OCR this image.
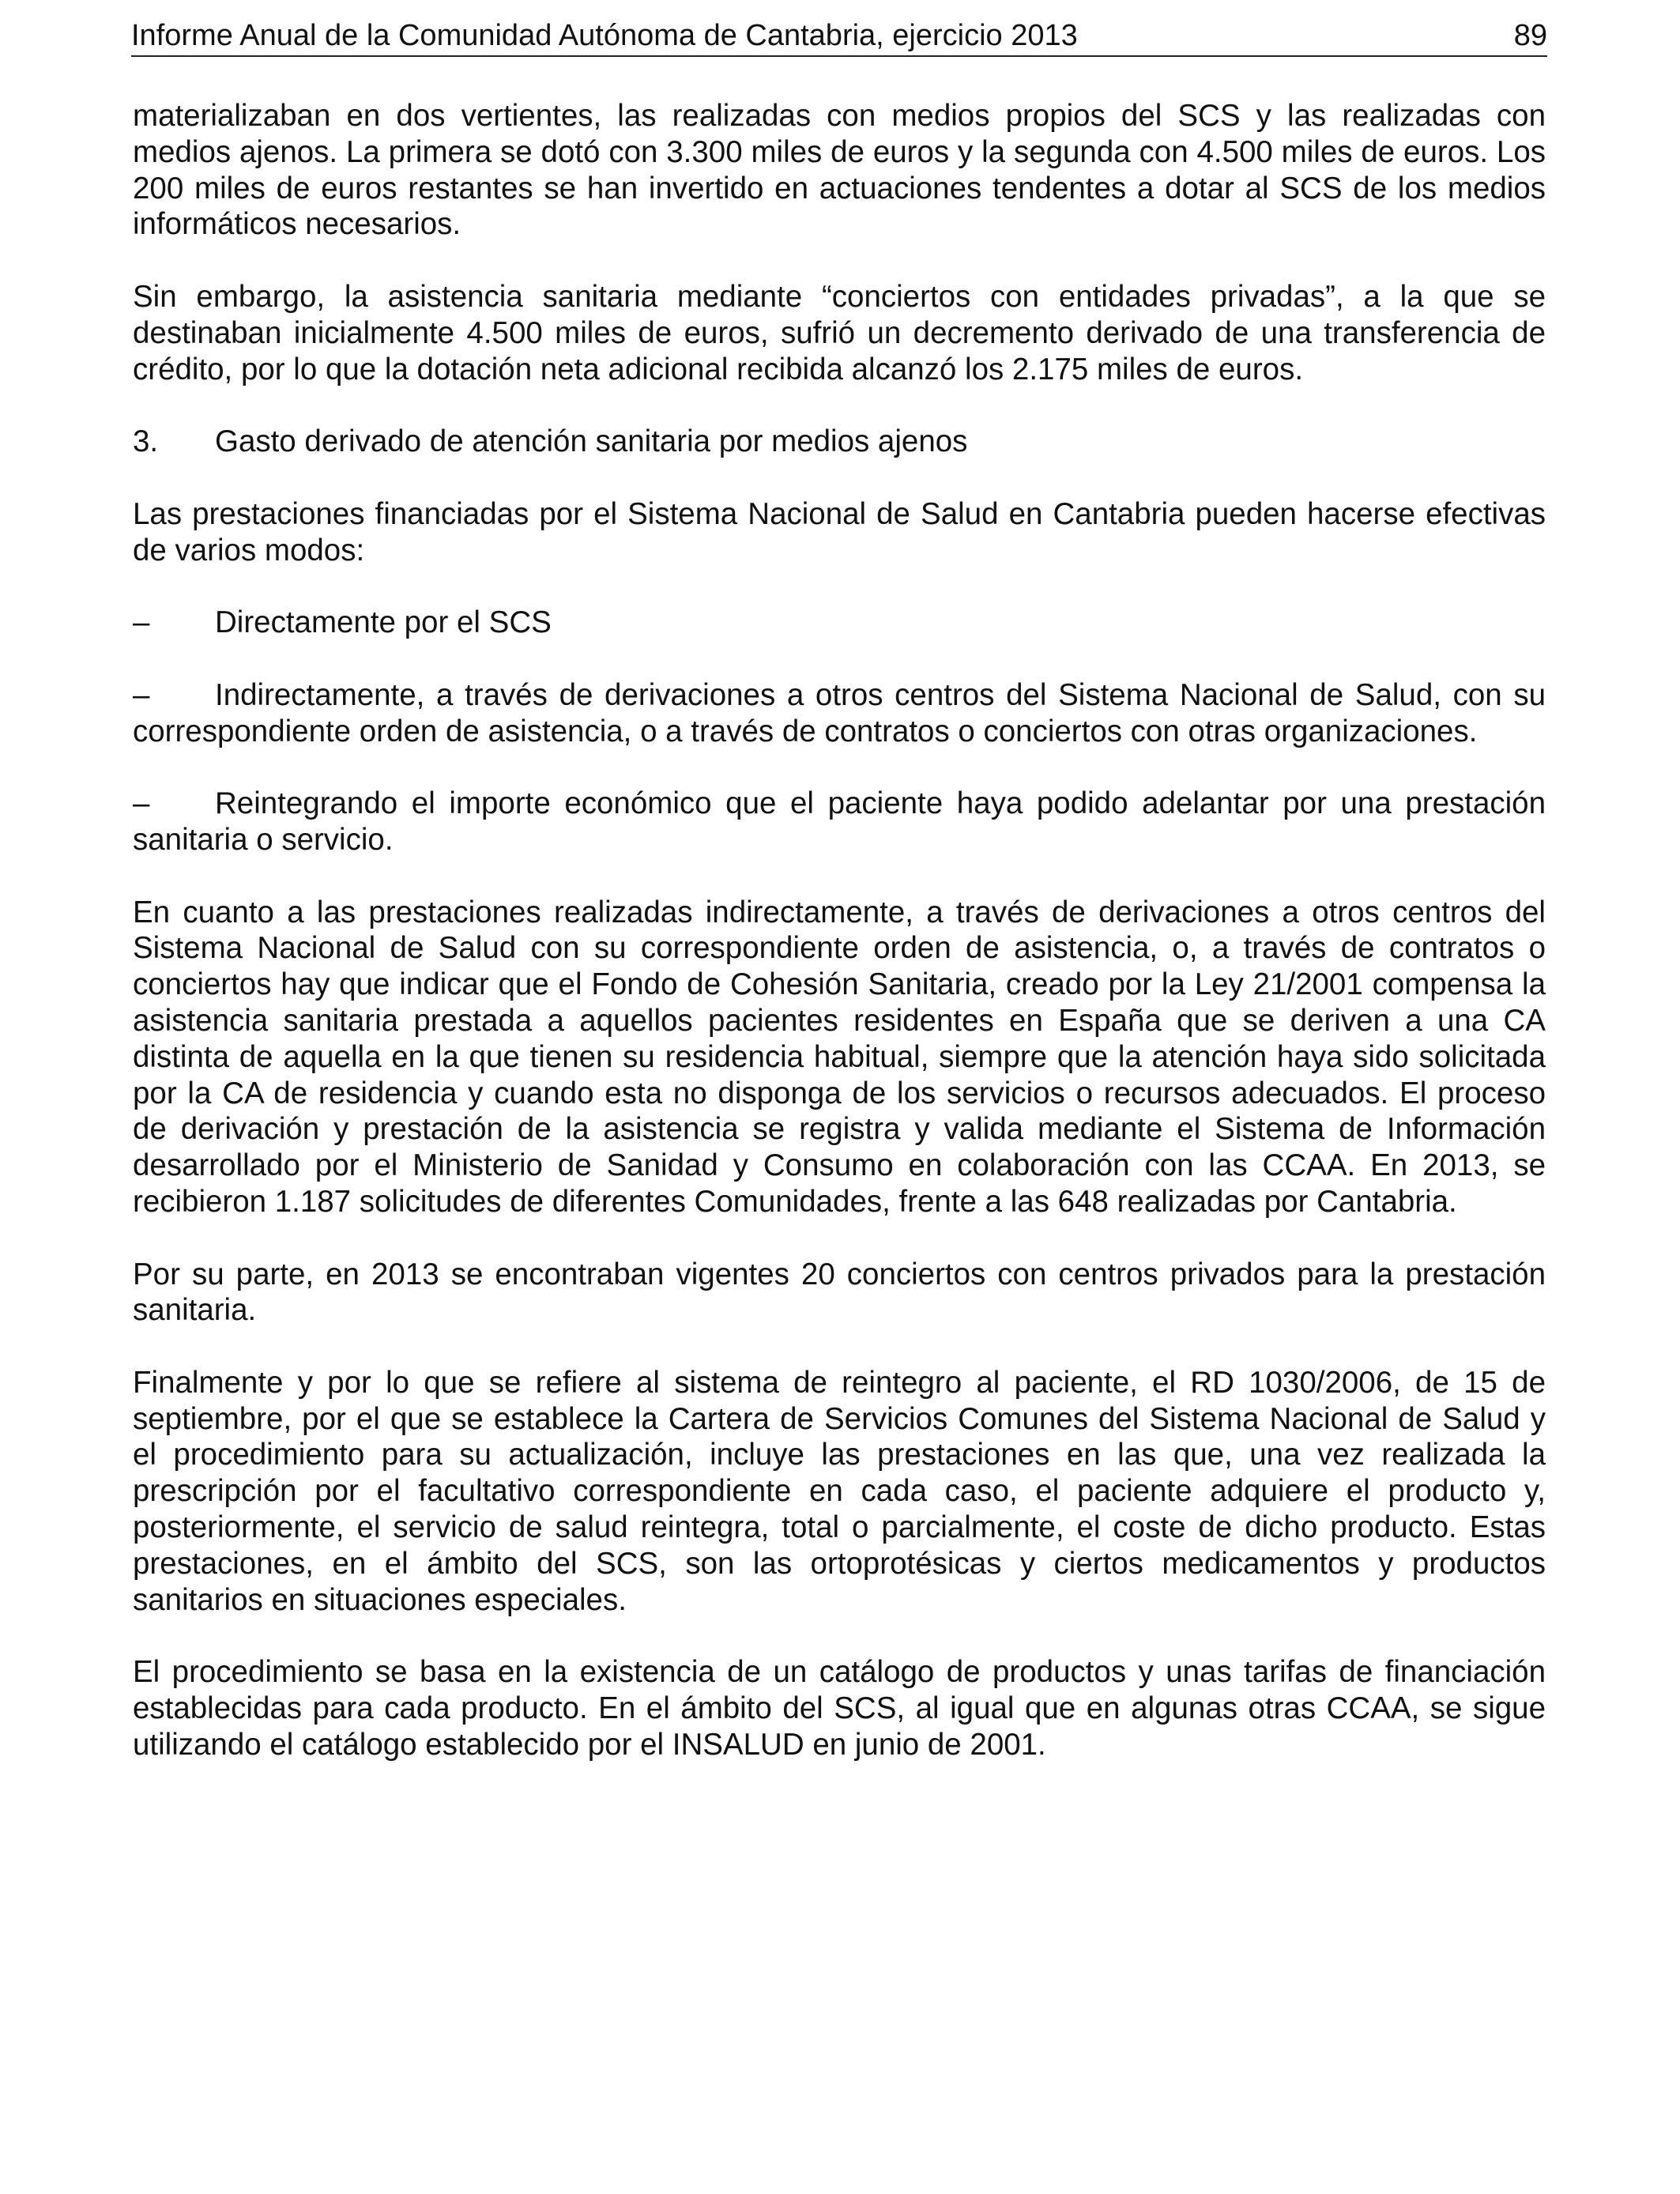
Informe Anual de la Comunidad Autónoma de Cantabria, ejercicio 2013	89

materializaban en dos vertientes, las realizadas con medios propios del SCS y las realizadas con medios ajenos. La primera se dotó con 3.300 miles de euros y la segunda con 4.500 miles de euros. Los 200 miles de euros restantes se han invertido en actuaciones tendentes a dotar al SCS de los medios informáticos necesarios.

Sin embargo, la asistencia sanitaria mediante “conciertos con entidades privadas”, a la que se destinaban inicialmente 4.500 miles de euros, sufrió un decremento derivado de una transferencia de crédito, por lo que la dotación neta adicional recibida alcanzó los 2.175 miles de euros.

3.	Gasto derivado de atención sanitaria por medios ajenos

Las prestaciones financiadas por el Sistema Nacional de Salud en Cantabria pueden hacerse efectivas de varios modos:

–	Directamente por el SCS

– Indirectamente, a través de derivaciones a otros centros del Sistema Nacional de Salud, con su correspondiente orden de asistencia, o a través de contratos o conciertos con otras organizaciones.

– Reintegrando el importe económico que el paciente haya podido adelantar por una prestación sanitaria o servicio.

En cuanto a las prestaciones realizadas indirectamente, a través de derivaciones a otros centros del Sistema Nacional de Salud con su correspondiente orden de asistencia, o, a través de contratos o conciertos hay que indicar que el Fondo de Cohesión Sanitaria, creado por la Ley 21/2001 compensa la asistencia sanitaria prestada a aquellos pacientes residentes en España que se deriven a una CA distinta de aquella en la que tienen su residencia habitual, siempre que la atención haya sido solicitada por la CA de residencia y cuando esta no disponga de los servicios o recursos adecuados. El proceso de derivación y prestación de la asistencia se registra y valida mediante el Sistema de Información desarrollado por el Ministerio de Sanidad y Consumo en colaboración con las CCAA. En 2013, se recibieron 1.187 solicitudes de diferentes Comunidades, frente a las 648 realizadas por Cantabria.

Por su parte, en 2013 se encontraban vigentes 20 conciertos con centros privados para la prestación sanitaria.

Finalmente y por lo que se refiere al sistema de reintegro al paciente, el RD 1030/2006, de 15 de septiembre, por el que se establece la Cartera de Servicios Comunes del Sistema Nacional de Salud y el procedimiento para su actualización, incluye las prestaciones en las que, una vez realizada la prescripción por el facultativo correspondiente en cada caso, el paciente adquiere el producto y, posteriormente, el servicio de salud reintegra, total o parcialmente, el coste de dicho producto. Estas prestaciones, en el ámbito del SCS, son las ortoprotésicas y ciertos medicamentos y productos sanitarios en situaciones especiales.

El procedimiento se basa en la existencia de un catálogo de productos y unas tarifas de financiación establecidas para cada producto. En el ámbito del SCS, al igual que en algunas otras CCAA, se sigue utilizando el catálogo establecido por el INSALUD en junio de 2001.
